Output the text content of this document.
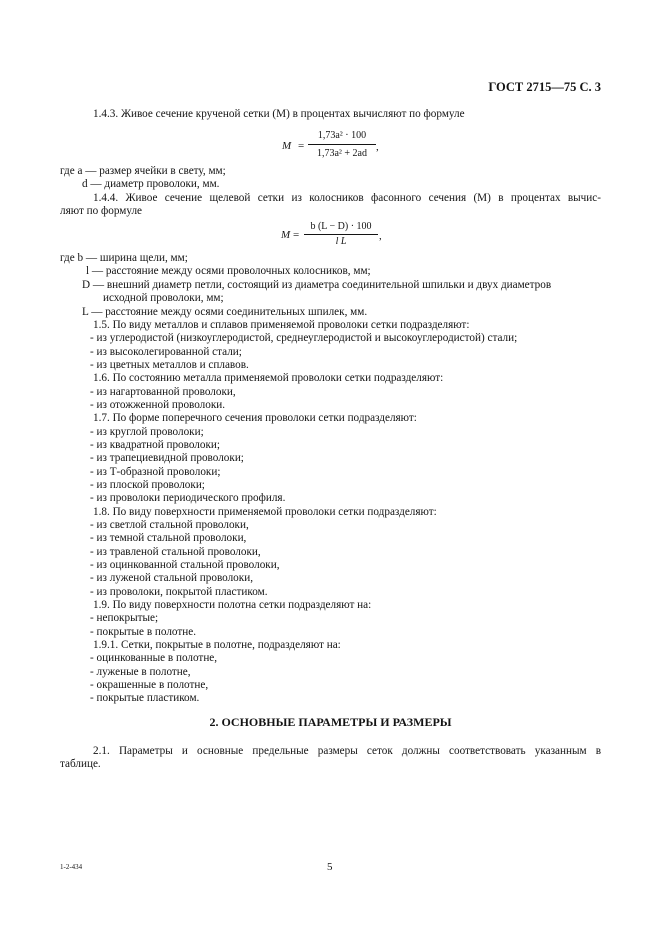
ГОСТ 2715—75 С. 3
1.4.3. Живое сечение крученой сетки (M) в процентах вычисляют по формуле
M =
1,73a² · 100
1,73a² + 2ad
,
где a — размер ячейки в свету, мм;
d — диаметр проволоки, мм.
1.4.4. Живое сечение щелевой сетки из колосников фасонного сечения (M) в процентах вычис-
ляют по формуле
M =
b (L − D) · 100
l L	,
где b — ширина щели, мм;
l — расстояние между осями проволочных колосников, мм;
D — внешний диаметр петли, состоящий из диаметра соединительной шпильки и двух диаметров
исходной проволоки, мм;
L — расстояние между осями соединительных шпилек, мм.
1.5. По виду металлов и сплавов применяемой проволоки сетки подразделяют:
- из углеродистой (низкоуглеродистой, среднеуглеродистой и высокоуглеродистой) стали;
- из высоколегированной стали;
- из цветных металлов и сплавов.
1.6. По состоянию металла применяемой проволоки сетки подразделяют:
- из нагартованной проволоки,
- из отожженной проволоки.
1.7. По форме поперечного сечения проволоки сетки подразделяют:
- из круглой проволоки;
- из квадратной проволоки;
- из трапециевидной проволоки;
- из Т-образной проволоки;
- из плоской проволоки;
- из проволоки периодического профиля.
1.8. По виду поверхности применяемой проволоки сетки подразделяют:
- из светлой стальной проволоки,
- из темной стальной проволоки,
- из травленой стальной проволоки,
- из оцинкованной стальной проволоки,
- из луженой стальной проволоки,
- из проволоки, покрытой пластиком.
1.9. По виду поверхности полотна сетки подразделяют на:
- непокрытые;
- покрытые в полотне.
1.9.1. Сетки, покрытые в полотне, подразделяют на:
- оцинкованные в полотне,
- луженые в полотне,
- окрашенные в полотне,
- покрытые пластиком.
2. ОСНОВНЫЕ ПАРАМЕТРЫ И РАЗМЕРЫ
2.1. Параметры и основные предельные размеры сеток должны соответствовать указанным в
таблице.
1-2-434	5
